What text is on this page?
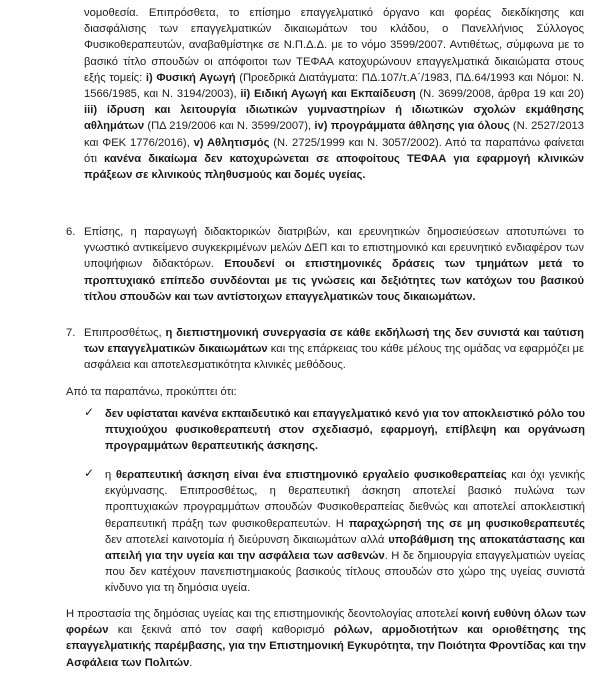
νομοθεσία. Επιπρόσθετα, το επίσημο επαγγελματικό όργανο και φορέας διεκδίκησης και διασφάλισης των επαγγελματικών δικαιωμάτων του κλάδου, ο Πανελλήνιος Σύλλογος Φυσικοθεραπευτών, αναβαθμίστηκε σε Ν.Π.Δ.Δ. με το νόμο 3599/2007. Αντιθέτως, σύμφωνα με το βασικό τίτλο σπουδών οι απόφοιτοι των ΤΕΦΑΑ κατοχυρώνουν επαγγελματικά δικαιώματα στους εξής τομείς: i) Φυσική Αγωγή (Προεδρικά Διατάγματα: ΠΔ.107/τ.Α΄/1983, ΠΔ.64/1993 και Νόμοι: Ν. 1566/1985, και Ν. 3194/2003), ii) Ειδική Αγωγή και Εκπαίδευση (Ν. 3699/2008, άρθρα 19 και 20) iii) ίδρυση και λειτουργία ιδιωτικών γυμναστηρίων ή ιδιωτικών σχολών εκμάθησης αθλημάτων (ΠΔ 219/2006 και Ν. 3599/2007), iv) προγράμματα άθλησης για όλους (Ν. 2527/2013 και ΦΕΚ 1776/2016), v) Αθλητισμός (Ν. 2725/1999 και Ν. 3057/2002). Από τα παραπάνω φαίνεται ότι κανένα δικαίωμα δεν κατοχυρώνεται σε αποφοίτους ΤΕΦΑΑ για εφαρμογή κλινικών πράξεων σε κλινικούς πληθυσμούς και δομές υγείας.

6. Επίσης, η παραγωγή διδακτορικών διατριβών, και ερευνητικών δημοσιεύσεων αποτυπώνει το γνωστικό αντικείμενο συγκεκριμένων μελών ΔΕΠ και το επιστημονικό και ερευνητικό ενδιαφέρον των υποψήφιων διδακτόρων. Επουδενί οι επιστημονικές δράσεις των τμημάτων μετά το προπτυχιακό επίπεδο συνδέονται με τις γνώσεις και δεξιότητες των κατόχων του βασικού τίτλου σπουδών και των αντίστοιχων επαγγελματικών τους δικαιωμάτων.

7. Επιπροσθέτως, η διεπιστημονική συνεργασία σε κάθε εκδήλωσή της δεν συνιστά και ταύτιση των επαγγελματικών δικαιωμάτων και της επάρκειας του κάθε μέλους της ομάδας να εφαρμόζει με ασφάλεια και αποτελεσματικότητα κλινικές μεθόδους.

Από τα παραπάνω, προκύπτει ότι:
✓ δεν υφίσταται κανένα εκπαιδευτικό και επαγγελματικό κενό για τον αποκλειστικό ρόλο του πτυχιούχου φυσικοθεραπευτή στον σχεδιασμό, εφαρμογή, επίβλεψη και οργάνωση προγραμμάτων θεραπευτικής άσκησης.

✓ η θεραπευτική άσκηση είναι ένα επιστημονικό εργαλείο φυσικοθεραπείας και όχι γενικής εκγύμνασης. Επιπροσθέτως, η θεραπευτική άσκηση αποτελεί βασικό πυλώνα των προπτυχιακών προγραμμάτων σπουδών Φυσικοθεραπείας διεθνώς και αποτελεί αποκλειστική θεραπευτική πράξη των φυσικοθεραπευτών. Η παραχώρησή της σε μη φυσικοθεραπευτές δεν αποτελεί καινοτομία ή διεύρυνση δικαιωμάτων αλλά υποβάθμιση της αποκατάστασης και απειλή για την υγεία και την ασφάλεια των ασθενών. Η δε δημιουργία επαγγελματιών υγείας που δεν κατέχουν πανεπιστημιακούς βασικούς τίτλους σπουδών στο χώρο της υγείας συνιστά κίνδυνο για τη δημόσια υγεία.

Η προστασία της δημόσιας υγείας και της επιστημονικής δεοντολογίας αποτελεί κοινή ευθύνη όλων των φορέων και ξεκινά από τον σαφή καθορισμό ρόλων, αρμοδιοτήτων και οριοθέτησης της επαγγελματικής παρέμβασης, για την Επιστημονική Εγκυρότητα, την Ποιότητα Φροντίδας και την Ασφάλεια των Πολιτών.
